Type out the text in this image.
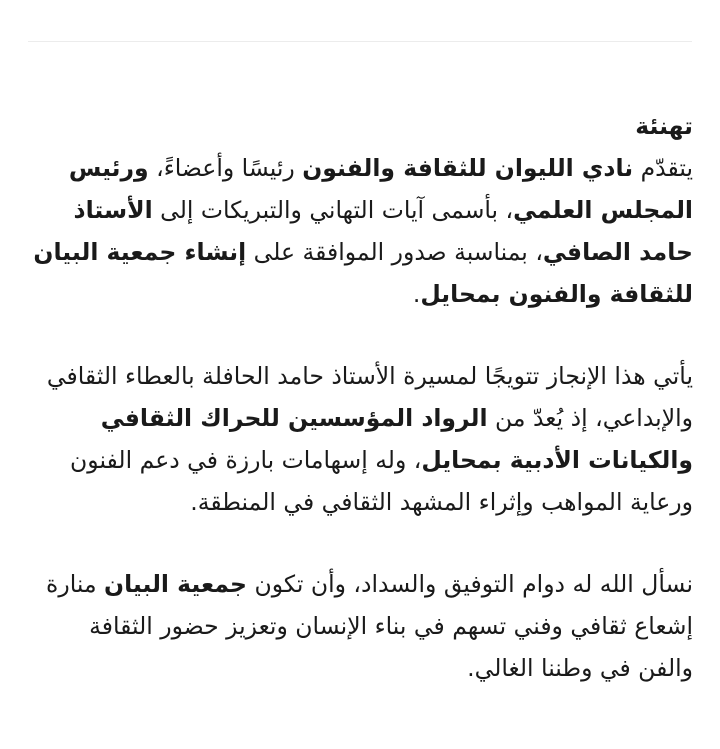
تهنئة
يتقدّم نادي الليوان للثقافة والفنون رئيسًا وأعضاءً، ورئيس المجلس العلمي، بأسمى آيات التهاني والتبريكات إلى الأستاذ حامد الصافي، بمناسبة صدور الموافقة على إنشاء جمعية البيان للثقافة والفنون بمحايل.

يأتي هذا الإنجاز تتويجًا لمسيرة الأستاذ حامد الحافلة بالعطاء الثقافي والإبداعي، إذ يُعدّ من الرواد المؤسسين للحراك الثقافي والكيانات الأدبية بمحايل، وله إسهامات بارزة في دعم الفنون ورعاية المواهب وإثراء المشهد الثقافي في المنطقة.

نسأل الله له دوام التوفيق والسداد، وأن تكون جمعية البيان منارة إشعاع ثقافي وفني تسهم في بناء الإنسان وتعزيز حضور الثقافة والفن في وطننا الغالي.
